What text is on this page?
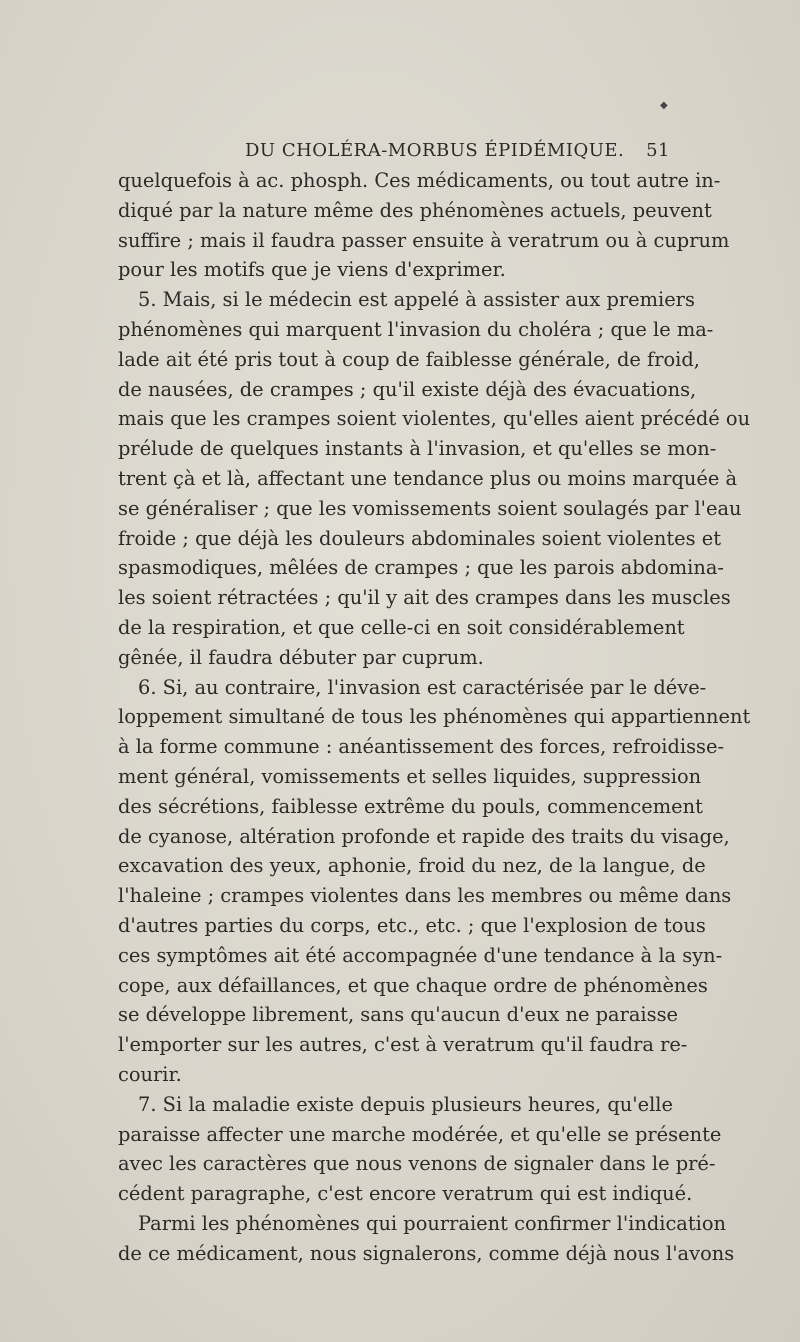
DU CHOLÉRA-MORBUS ÉPIDÉMIQUE. 51
◆
quelquefois à ac. phosph. Ces médicaments, ou tout autre in-
diqué par la nature même des phénomènes actuels, peuvent
suffire ; mais il faudra passer ensuite à veratrum ou à cuprum
pour les motifs que je viens d'exprimer.
5. Mais, si le médecin est appelé à assister aux premiers
phénomènes qui marquent l'invasion du choléra ; que le ma-
lade ait été pris tout à coup de faiblesse générale, de froid,
de nausées, de crampes ; qu'il existe déjà des évacuations,
mais que les crampes soient violentes, qu'elles aient précédé ou
prélude de quelques instants à l'invasion, et qu'elles se mon-
trent çà et là, affectant une tendance plus ou moins marquée à
se généraliser ; que les vomissements soient soulagés par l'eau
froide ; que déjà les douleurs abdominales soient violentes et
spasmodiques, mêlées de crampes ; que les parois abdomina-
les soient rétractées ; qu'il y ait des crampes dans les muscles
de la respiration, et que celle-ci en soit considérablement
gênée, il faudra débuter par cuprum.
6. Si, au contraire, l'invasion est caractérisée par le déve-
loppement simultané de tous les phénomènes qui appartiennent
à la forme commune : anéantissement des forces, refroidisse-
ment général, vomissements et selles liquides, suppression
des sécrétions, faiblesse extrême du pouls, commencement
de cyanose, altération profonde et rapide des traits du visage,
excavation des yeux, aphonie, froid du nez, de la langue, de
l'haleine ; crampes violentes dans les membres ou même dans
d'autres parties du corps, etc., etc. ; que l'explosion de tous
ces symptômes ait été accompagnée d'une tendance à la syn-
cope, aux défaillances, et que chaque ordre de phénomènes
se développe librement, sans qu'aucun d'eux ne paraisse
l'emporter sur les autres, c'est à veratrum qu'il faudra re-
courir.
7. Si la maladie existe depuis plusieurs heures, qu'elle
paraisse affecter une marche modérée, et qu'elle se présente
avec les caractères que nous venons de signaler dans le pré-
cédent paragraphe, c'est encore veratrum qui est indiqué.
Parmi les phénomènes qui pourraient confirmer l'indication
de ce médicament, nous signalerons, comme déjà nous l'avons
